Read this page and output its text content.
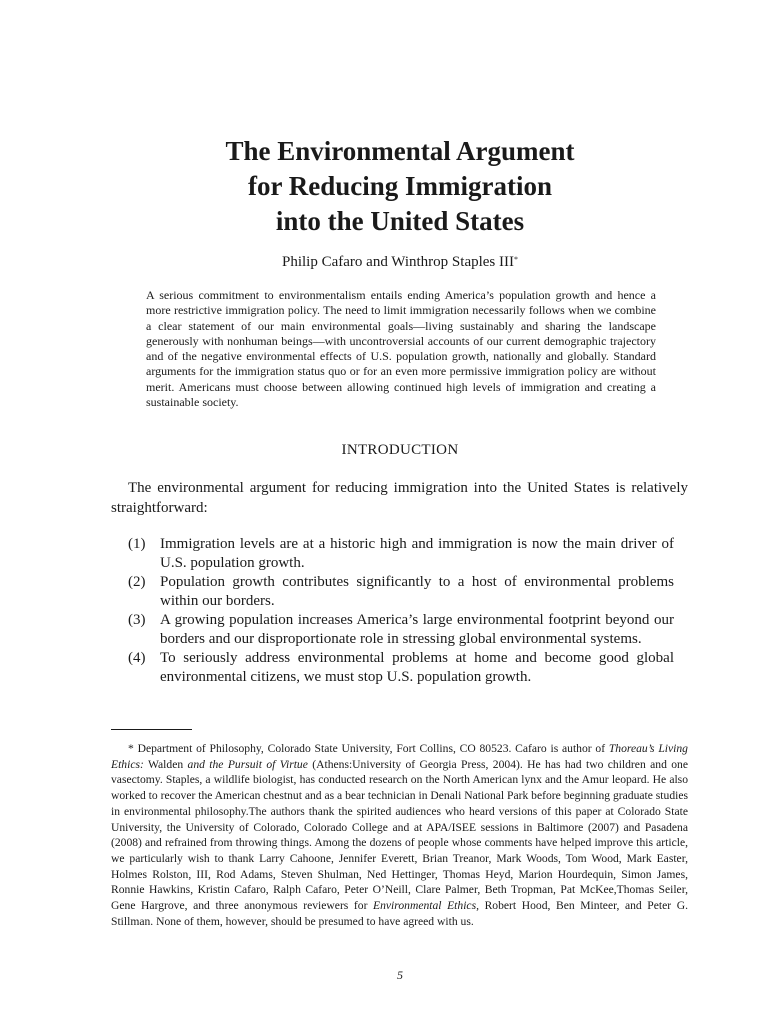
The Environmental Argument
for Reducing Immigration
into the United States
Philip Cafaro and Winthrop Staples III*

A serious commitment to environmentalism entails ending America’s population growth and hence a more restrictive immigration policy. The need to limit immigration necessarily follows when we combine a clear statement of our main environmental goals—living sustainably and sharing the landscape generously with nonhuman beings—with uncontroversial accounts of our current demographic trajectory and of the negative environmental effects of U.S. population growth, nationally and globally. Standard arguments for the immigration status quo or for an even more permissive immigration policy are without merit. Americans must choose between allowing continued high levels of immigration and creating a sustainable society.

INTRODUCTION

The environmental argument for reducing immigration into the United States is relatively straightforward:

(1) Immigration levels are at a historic high and immigration is now the main driver of U.S. population growth.
(2) Population growth contributes significantly to a host of environmental problems within our borders.
(3) A growing population increases America’s large environmental footprint beyond our borders and our disproportionate role in stressing global environmental systems.
(4) To seriously address environmental problems at home and become good global environmental citizens, we must stop U.S. population growth.

* Department of Philosophy, Colorado State University, Fort Collins, CO 80523. Cafaro is author of Thoreau’s Living Ethics: Walden and the Pursuit of Virtue (Athens:University of Georgia Press, 2004). He has had two children and one vasectomy. Staples, a wildlife biologist, has conducted research on the North American lynx and the Amur leopard. He also worked to recover the American chestnut and as a bear technician in Denali National Park before beginning graduate studies in environmental philosophy.The authors thank the spirited audiences who heard versions of this paper at Colorado State University, the University of Colorado, Colorado College and at APA/ISEE sessions in Baltimore (2007) and Pasadena (2008) and refrained from throwing things. Among the dozens of people whose comments have helped improve this article, we particularly wish to thank Larry Cahoone, Jennifer Everett, Brian Treanor, Mark Woods, Tom Wood, Mark Easter, Holmes Rolston, III, Rod Adams, Steven Shulman, Ned Hettinger, Thomas Heyd, Marion Hourdequin, Simon James, Ronnie Hawkins, Kristin Cafaro, Ralph Cafaro, Peter O’Neill, Clare Palmer, Beth Tropman, Pat McKee,Thomas Seiler, Gene Hargrove, and three anonymous reviewers for Environmental Ethics, Robert Hood, Ben Minteer, and Peter G. Stillman. None of them, however, should be presumed to have agreed with us.

5
